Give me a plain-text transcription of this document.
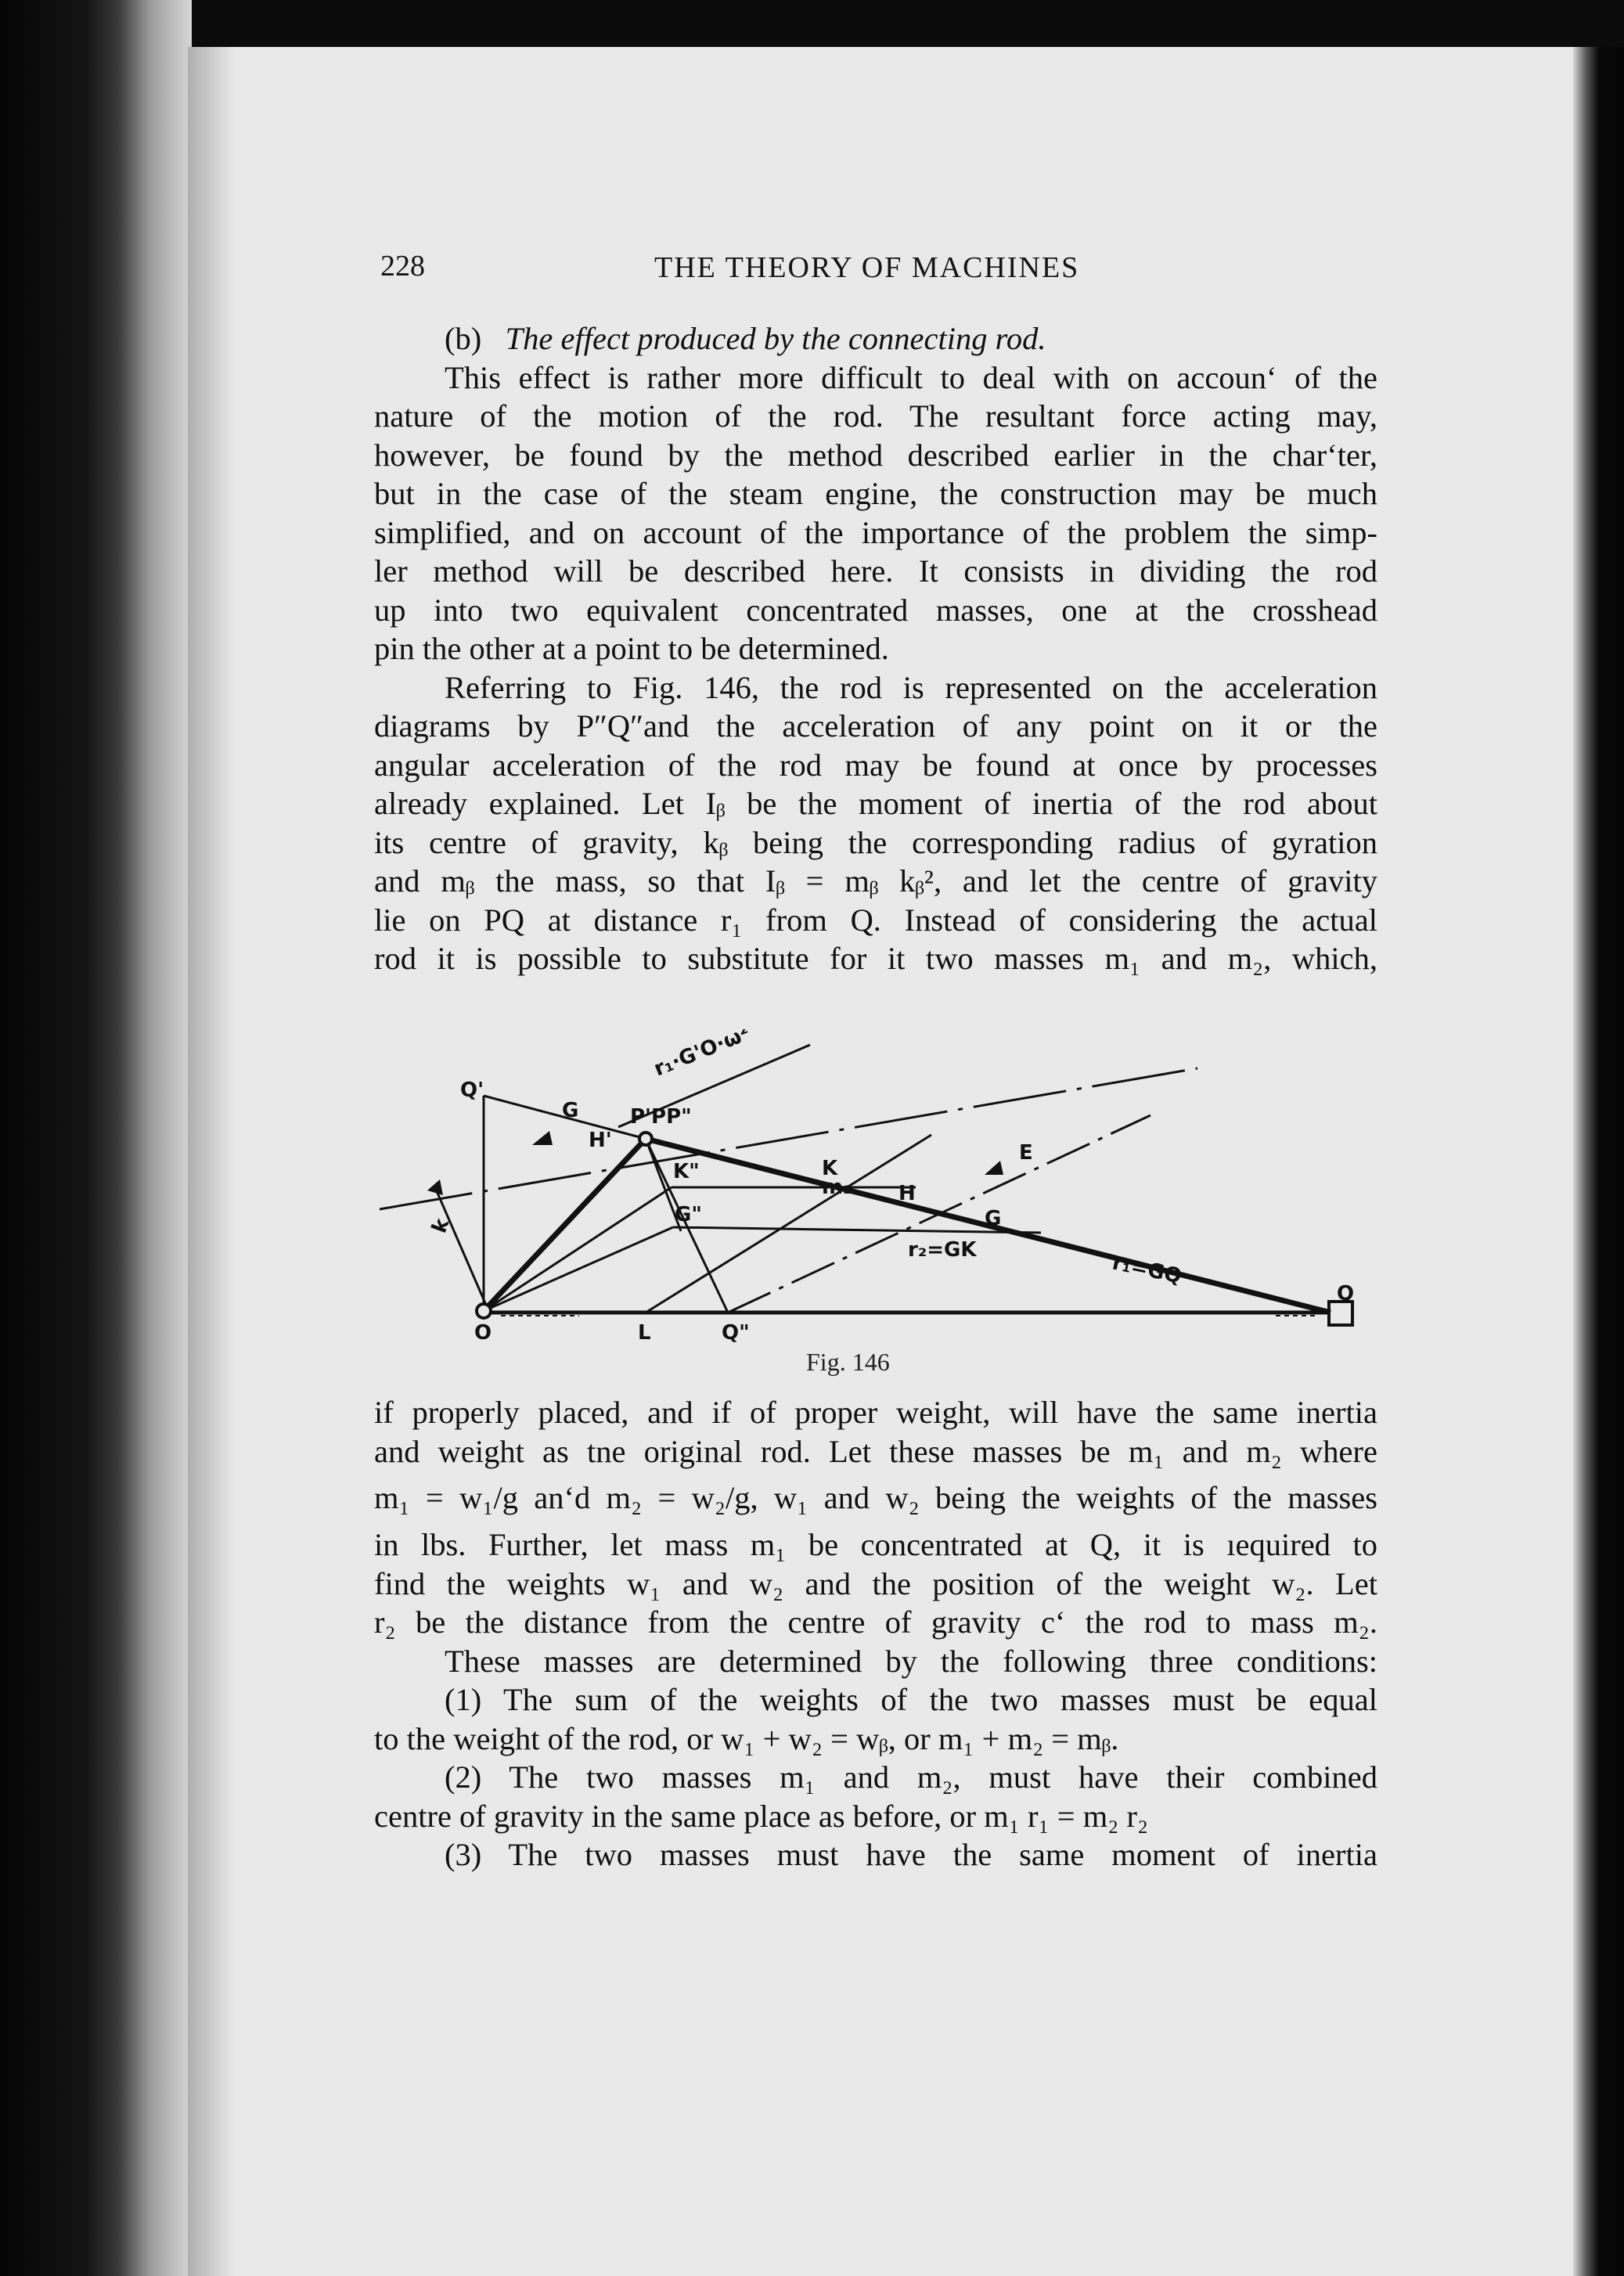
228	THE THEORY OF MACHINES
(b) The effect produced by the connecting rod.
This effect is rather more difficult to deal with on accounʻ of the
nature of the motion of the rod. The resultant force acting may,
however, be found by the method described earlier in the charʻter,
but in the case of the steam engine, the construction may be much
simplified, and on account of the importance of the problem the simp-
ler method will be described here. It consists in dividing the rod
up into two equivalent concentrated masses, one at the crosshead
pin the other at a point to be determined.
Referring to Fig. 146, the rod is represented on the acceleration
diagrams by P″Q″and the acceleration of any point on it or the
angular acceleration of the rod may be found at once by processes
already explained. Let Iᵦ be the moment of inertia of the rod about
its centre of gravity, kᵦ being the corresponding radius of gyration
and mᵦ the mass, so that Iᵦ = mᵦ kᵦ², and let the centre of gravity
lie on PQ at distance r₁ from Q. Instead of considering the actual
rod it is possible to substitute for it two masses m₁ and m₂, which,
Q'
G
H'
P'PP"
r₁·G'O·ω²
K"
G"
K
m₂ H
G
E
r₂=GK
r₁=GQ
O	L	Q"
Q
k
Fig. 146
if properly placed, and if of proper weight, will have the same inertia
and weight as tne original rod. Let these masses be m₁ and m₂ where
m₁ = w₁/g anʻd m₂ = w₂/g, w₁ and w₂ being the weights of the masses
in lbs. Further, let mass m₁ be concentrated at Q, it is ıequired to
find the weights w₁ and w₂ and the position of the weight w₂. Let
r₂ be the distance from the centre of gravity cʻ the rod to mass m₂.
These masses are determined by the following three conditions:
(1) The sum of the weights of the two masses must be equal
to the weight of the rod, or w₁ + w₂ = wᵦ, or m₁ + m₂ = mᵦ.
(2) The two masses m₁ and m₂, must have their combined
centre of gravity in the same place as before, or m₁ r₁ = m₂ r₂
(3) The two masses must have the same moment of inertia
